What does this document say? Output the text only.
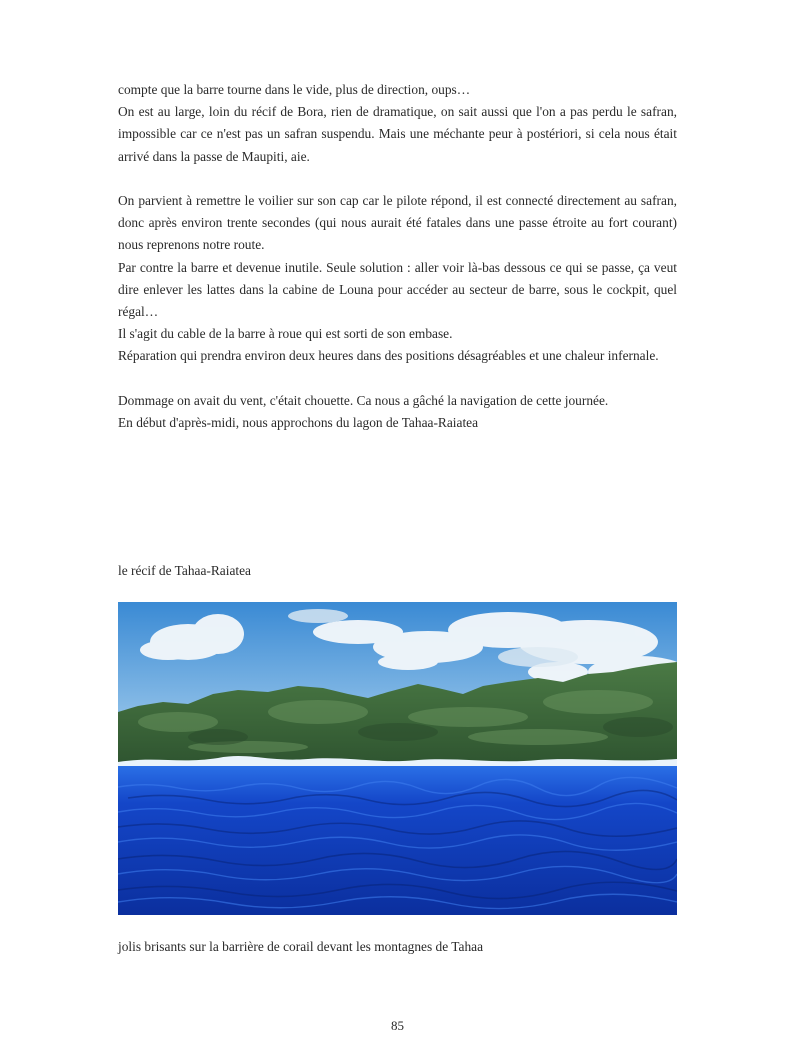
compte que la barre tourne dans le vide, plus de direction, oups…

On est au large, loin du récif de Bora, rien de dramatique, on sait aussi que l'on a pas perdu le safran, impossible car ce n'est pas un safran suspendu. Mais une méchante peur à postériori, si cela nous était arrivé dans la passe de Maupiti, aie.

On parvient à remettre le voilier sur son cap car le pilote répond, il est connecté directement au safran, donc après environ trente secondes (qui nous aurait été fatales dans une passe étroite au fort courant) nous reprenons notre route.

Par contre la barre et devenue inutile. Seule solution : aller voir là-bas dessous ce qui se passe, ça veut dire enlever les lattes dans la cabine de Louna pour accéder au secteur de barre, sous le cockpit, quel régal…

Il s'agit du cable de la barre à roue qui est sorti de son embase.

Réparation qui prendra environ deux heures dans des positions désagréables et une chaleur infernale.

Dommage on avait du vent, c'était chouette. Ca nous a gâché la navigation de cette journée.

En début d'après-midi, nous approchons du lagon de Tahaa-Raiatea

le récif de Tahaa-Raiatea
jolis brisants sur la barrière de corail devant les montagnes de Tahaa
85
